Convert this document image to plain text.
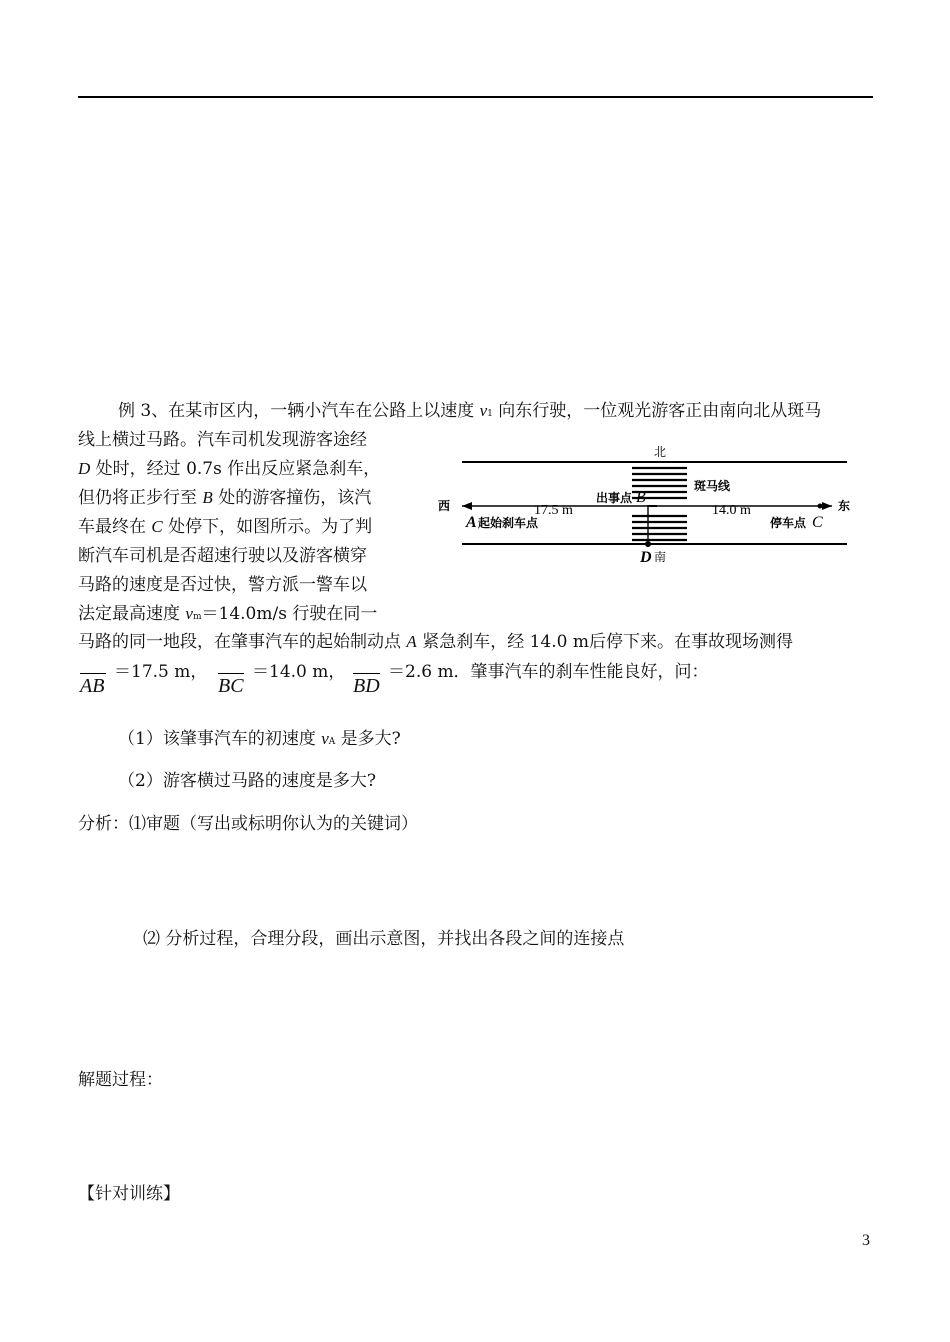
例 3、在某市区内，一辆小汽车在公路上以速度 v1 向东行驶，一位观光游客正由南向北从斑马
线上横过马路。汽车司机发现游客途经
D 处时，经过 0.7s 作出反应紧急刹车，
但仍将正步行至 B 处的游客撞伤，该汽
车最终在 C 处停下，如图所示。为了判
断汽车司机是否超速行驶以及游客横穿
马路的速度是否过快，警方派一警车以
法定最高速度 vm＝14.0m/s 行驶在同一
马路的同一地段，在肇事汽车的起始制动点 A 紧急刹车，经 14.0 m后停下来。在事故现场测得
AB
＝17.5 m，
BC
＝14.0 m，
BD
＝2.6 m．肇事汽车的刹车性能良好，问：
（1）该肇事汽车的初速度 vA 是多大?
（2）游客横过马路的速度是多大?
分析：⑴审题（写出或标明你认为的关键词）
⑵ 分析过程，合理分段，画出示意图，并找出各段之间的连接点
解题过程：
【针对训练】
3
北
斑马线
西	东
17.5 m
出事点 B
14.0 m
A 起始刹车点	停车点 C
D 南
